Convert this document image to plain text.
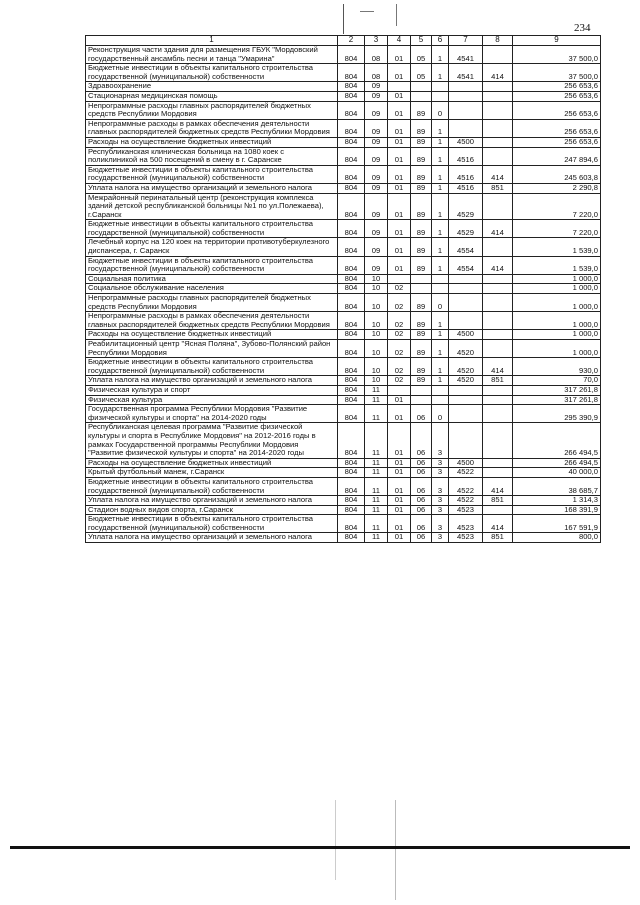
234
1	2	3	4	5	6	7	8	9
Реконструкция части здания для размещения ГБУК "Мордовский государственный ансамбль песни и танца "Умарина"	804	08	01	05	1	4541		37 500,0
Бюджетные инвестиции в объекты капитального строительства государственной (муниципальной) собственности	804	08	01	05	1	4541	414	37 500,0
Здравоохранение	804	09						256 653,6
Стационарная медицинская помощь	804	09	01					256 653,6
Непрограммные расходы главных распорядителей бюджетных средств Республики Мордовия	804	09	01	89	0			256 653,6
Непрограммные расходы в рамках обеспечения деятельности главных распорядителей бюджетных средств Республики Мордовия	804	09	01	89	1			256 653,6
Расходы на осуществление бюджетных инвестиций	804	09	01	89	1	4500		256 653,6
Республиканская клиническая больница на 1080 коек с поликлиникой на 500 посещений в смену в г. Саранске	804	09	01	89	1	4516		247 894,6
Бюджетные инвестиции в объекты капитального строительства государственной (муниципальной) собственности	804	09	01	89	1	4516	414	245 603,8
Уплата налога на имущество организаций и земельного налога	804	09	01	89	1	4516	851	2 290,8
Межрайонный перинатальный центр (реконструкция комплекса зданий детской республиканской больницы №1 по ул.Полежаева), г.Саранск	804	09	01	89	1	4529		7 220,0
Бюджетные инвестиции в объекты капитального строительства государственной (муниципальной) собственности	804	09	01	89	1	4529	414	7 220,0
Лечебный корпус на 120 коек на территории противотуберкулезного диспансера, г. Саранск	804	09	01	89	1	4554		1 539,0
Бюджетные инвестиции в объекты капитального строительства государственной (муниципальной) собственности	804	09	01	89	1	4554	414	1 539,0
Социальная политика	804	10						1 000,0
Социальное обслуживание населения	804	10	02					1 000,0
Непрограммные расходы главных распорядителей бюджетных средств Республики Мордовия	804	10	02	89	0			1 000,0
Непрограммные расходы в рамках обеспечения деятельности главных распорядителей бюджетных средств Республики Мордовия	804	10	02	89	1			1 000,0
Расходы на осуществление бюджетных инвестиций	804	10	02	89	1	4500		1 000,0
Реабилитационный центр "Ясная Поляна", Зубово-Полянский район Республики Мордовия	804	10	02	89	1	4520		1 000,0
Бюджетные инвестиции в объекты капитального строительства государственной (муниципальной) собственности	804	10	02	89	1	4520	414	930,0
Уплата налога на имущество организаций и земельного налога	804	10	02	89	1	4520	851	70,0
Физическая культура и спорт	804	11						317 261,8
Физическая культура	804	11	01					317 261,8
Государственная программа Республики Мордовия "Развитие физической культуры и спорта" на 2014-2020 годы	804	11	01	06	0			295 390,9
Республиканская целевая программа "Развитие физической культуры и спорта в Республике Мордовия" на 2012-2016 годы в рамках Государственной программы Республики Мордовия "Развитие физической культуры и спорта" на 2014-2020 годы	804	11	01	06	3			266 494,5
Расходы на осуществление бюджетных инвестиций	804	11	01	06	3	4500		266 494,5
Крытый футбольный манеж, г.Саранск	804	11	01	06	3	4522		40 000,0
Бюджетные инвестиции в объекты капитального строительства государственной (муниципальной) собственности	804	11	01	06	3	4522	414	38 685,7
Уплата налога на имущество организаций и земельного налога	804	11	01	06	3	4522	851	1 314,3
Стадион водных видов спорта, г.Саранск	804	11	01	06	3	4523		168 391,9
Бюджетные инвестиции в объекты капитального строительства государственной (муниципальной) собственности	804	11	01	06	3	4523	414	167 591,9
Уплата налога на имущество организаций и земельного налога	804	11	01	06	3	4523	851	800,0
